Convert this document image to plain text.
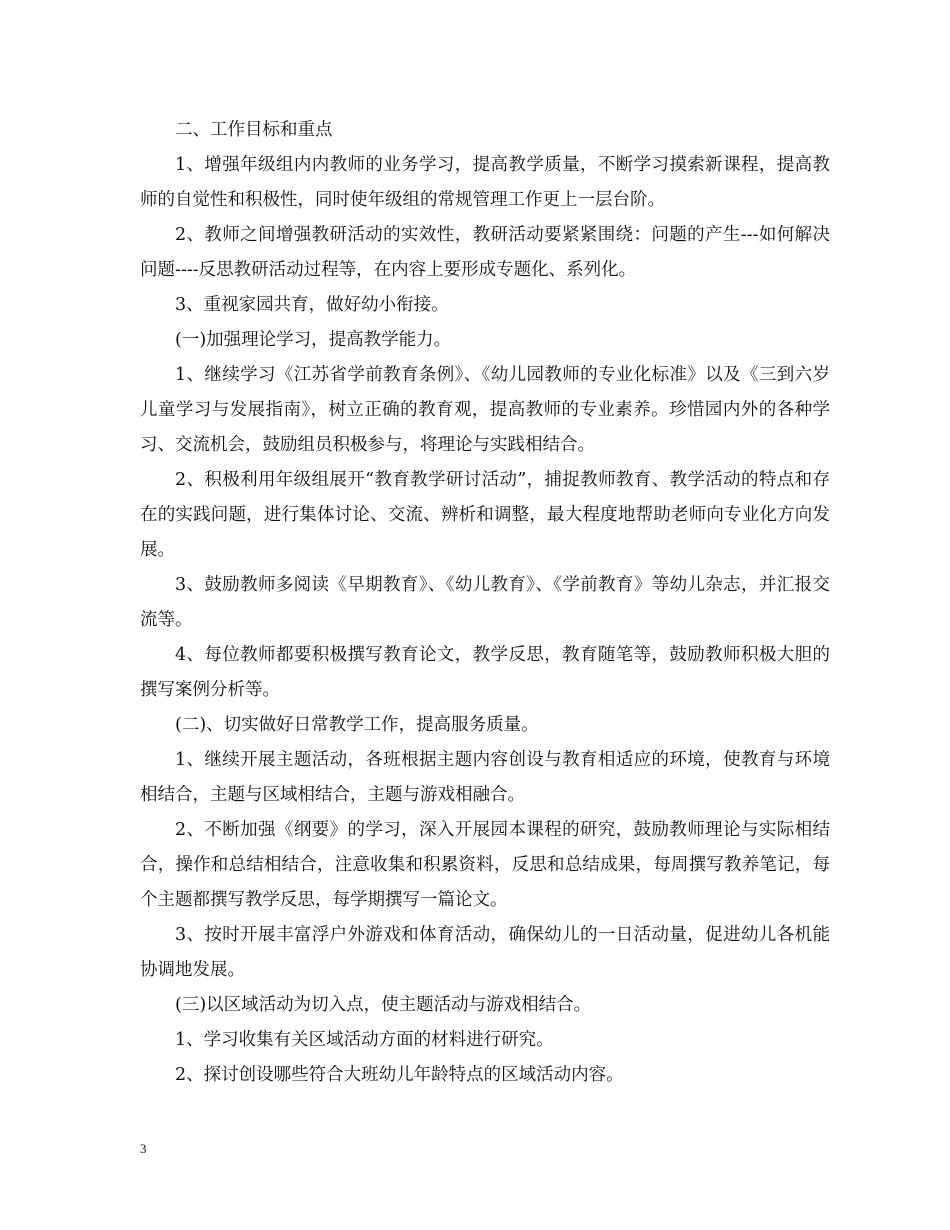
二、工作目标和重点

1、增强年级组内内教师的业务学习，提高教学质量，不断学习摸索新课程，提高教师的自觉性和积极性，同时使年级组的常规管理工作更上一层台阶。

2、教师之间增强教研活动的实效性，教研活动要紧紧围绕：问题的产生---如何解决问题----反思教研活动过程等，在内容上要形成专题化、系列化。

3、重视家园共育，做好幼小衔接。

(一)加强理论学习，提高教学能力。

1、继续学习《江苏省学前教育条例》、《幼儿园教师的专业化标准》以及《三到六岁儿童学习与发展指南》，树立正确的教育观，提高教师的专业素养。珍惜园内外的各种学习、交流机会，鼓励组员积极参与，将理论与实践相结合。

2、积极利用年级组展开“教育教学研讨活动”，捕捉教师教育、教学活动的特点和存在的实践问题，进行集体讨论、交流、辨析和调整，最大程度地帮助老师向专业化方向发展。

3、鼓励教师多阅读《早期教育》、《幼儿教育》、《学前教育》等幼儿杂志，并汇报交流等。

4、每位教师都要积极撰写教育论文，教学反思，教育随笔等，鼓励教师积极大胆的撰写案例分析等。

(二)、切实做好日常教学工作，提高服务质量。

1、继续开展主题活动，各班根据主题内容创设与教育相适应的环境，使教育与环境相结合，主题与区域相结合，主题与游戏相融合。

2、不断加强《纲要》的学习，深入开展园本课程的研究，鼓励教师理论与实际相结合，操作和总结相结合，注意收集和积累资料，反思和总结成果，每周撰写教养笔记，每个主题都撰写教学反思，每学期撰写一篇论文。

3、按时开展丰富浮户外游戏和体育活动，确保幼儿的一日活动量，促进幼儿各机能协调地发展。

(三)以区域活动为切入点，使主题活动与游戏相结合。

1、学习收集有关区域活动方面的材料进行研究。

2、探讨创设哪些符合大班幼儿年龄特点的区域活动内容。

3
